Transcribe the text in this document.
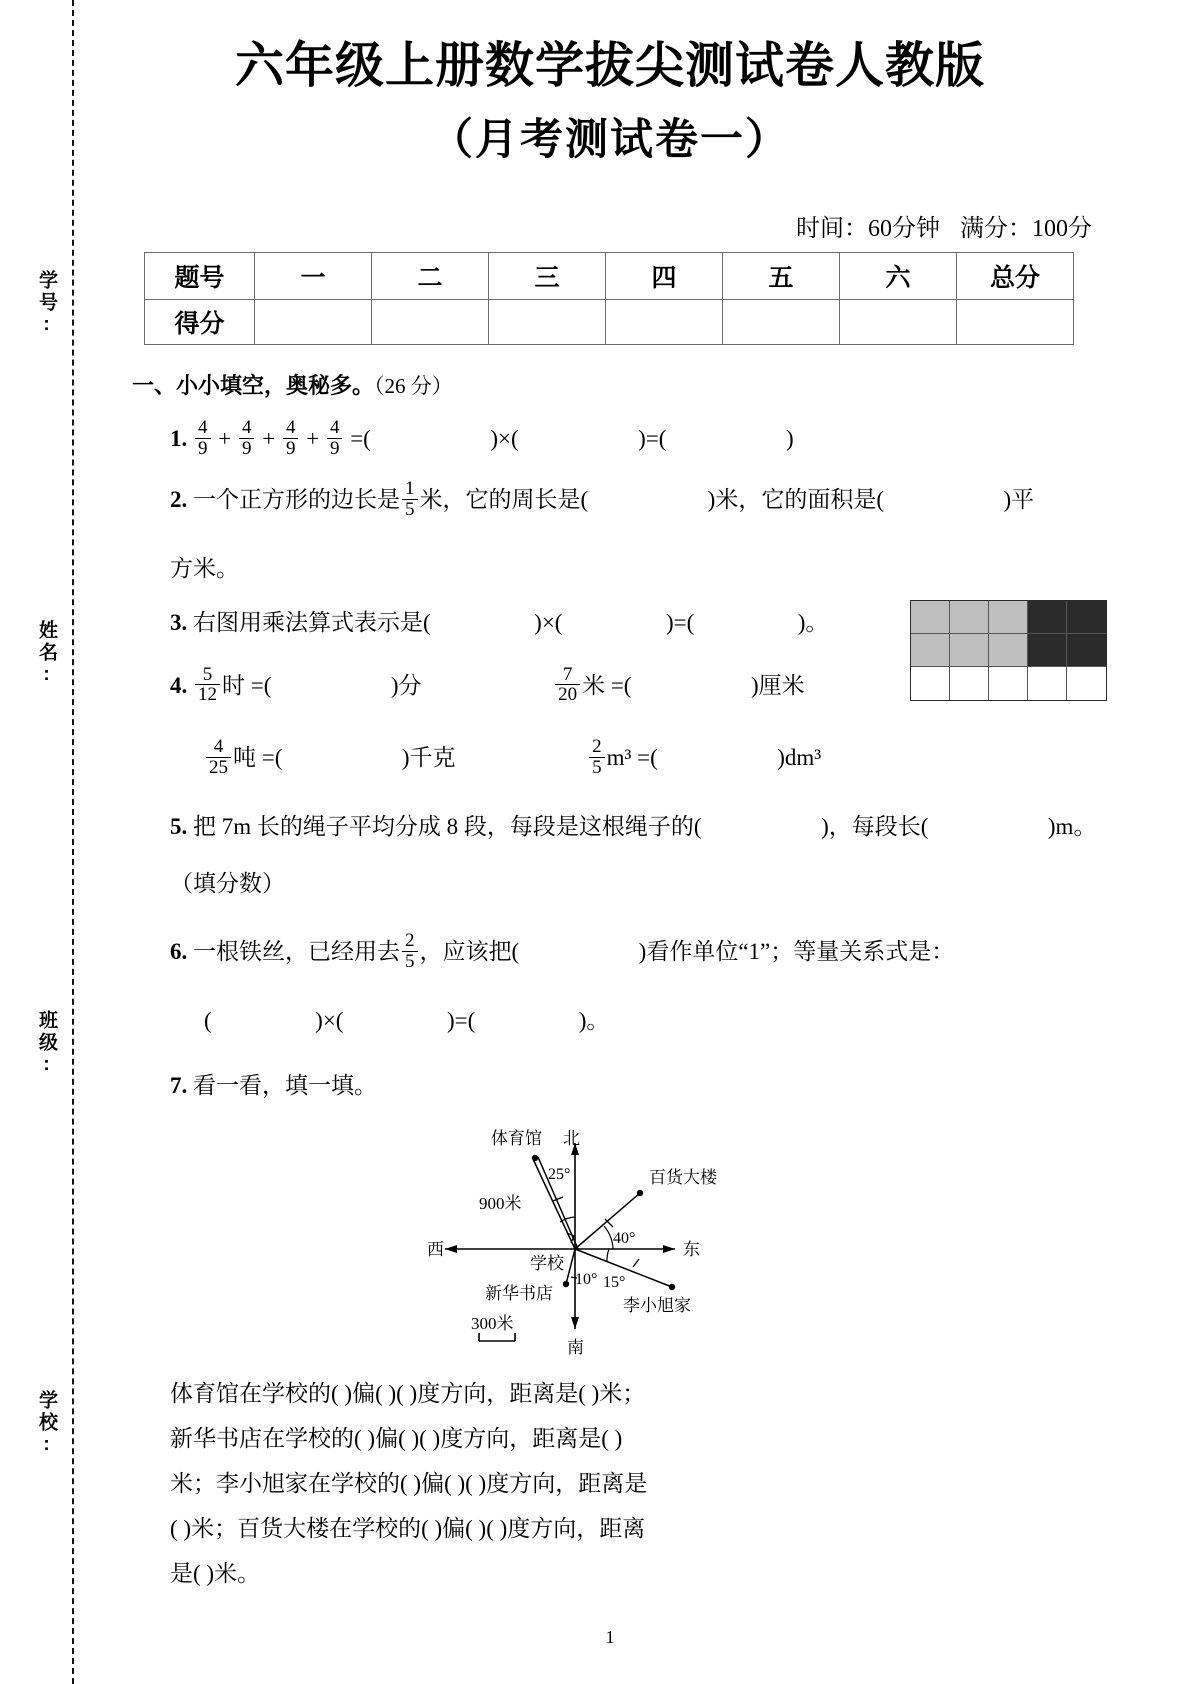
学号:
姓名:
班级:
学校:
六年级上册数学拔尖测试卷人教版
（月考测试卷一）
时间：60分钟 满分：100分
题号	一	二	三	四	五	六	总分
得分							
一、小小填空，奥秘多。（26 分）
1. $\frac{4}{9} + \frac{4}{9} + \frac{4}{9} + \frac{4}{9}$ =(	)×(	)=(	)
2. 一个正方形的边长是 $\frac{1}{5}$ 米，它的周长是(	)米，它的面积是(	)平
方米。
3. 右图用乘法算式表示是(	)×(	)=(	)。
4. $\frac{5}{12}$ 时 =(	)分	$\frac{7}{20}$ 米 =(	)厘米
$\frac{4}{25}$ 吨 =(	)千克	$\frac{2}{5} m^3$ =(	)dm³
5. 把 7m 长的绳子平均分成 8 段，每段是这根绳子的(	)，每段长(	)m。
（填分数）
6. 一根铁丝，已经用去 $\frac{2}{5}$ ，应该把(	)看作单位“1”；等量关系式是：
(	)×(	)=(	)。
7. 看一看，填一填。
体育馆 北
南
东
西
学校
新华书店
百货大楼
李小旭家
25°
40°
10° 15°
900米
300米
体育馆在学校的( )偏( )( )度方向，距离是( )米；
新华书店在学校的( )偏( )( )度方向，距离是( )
米；李小旭家在学校的( )偏( )( )度方向，距离是
( )米；百货大楼在学校的( )偏( )( )度方向，距离
是( )米。
1
